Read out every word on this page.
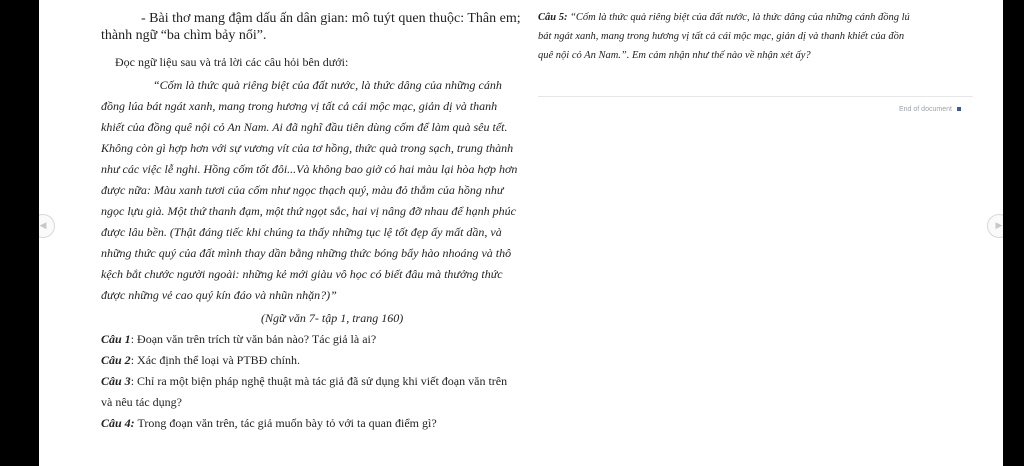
◀	▶
- Bài thơ mang đậm dấu ấn dân gian: mô tuýt quen thuộc: Thân em;
thành ngữ “ba chìm bảy nổi”.
Đọc ngữ liệu sau và trả lời các câu hỏi bên dưới:
“Cốm là thức quà riêng biệt của đất nước, là thức dâng của những cánh
đồng lúa bát ngát xanh, mang trong hương vị tất cả cái mộc mạc, giản dị và thanh
khiết của đồng quê nội cỏ An Nam. Ai đã nghĩ đầu tiên dùng cốm để làm quà sêu tết.
Không còn gì hợp hơn với sự vương vít của tơ hồng, thức quà trong sạch, trung thành
như các việc lễ nghi. Hồng cốm tốt đôi...Và không bao giờ có hai màu lại hòa hợp hơn
được nữa: Màu xanh tươi của cốm như ngọc thạch quý, màu đỏ thắm của hồng như
ngọc lựu già. Một thứ thanh đạm, một thứ ngọt sắc, hai vị nâng đỡ nhau để hạnh phúc
được lâu bền. (Thật đáng tiếc khi chúng ta thấy những tục lệ tốt đẹp ấy mất dần, và
những thức quý của đất mình thay dần bằng những thức bóng bẩy hào nhoáng và thô
kệch bắt chước người ngoài: những kẻ mới giàu vô học có biết đâu mà thưởng thức
được những vẻ cao quý kín đáo và nhũn nhặn?)”
(Ngữ văn 7- tập 1, trang 160)
Câu 1: Đoạn văn trên trích từ văn bản nào? Tác giả là ai?
Câu 2: Xác định thể loại và PTBĐ chính.
Câu 3: Chỉ ra một biện pháp nghệ thuật mà tác giả đã sử dụng khi viết đoạn văn trên
và nêu tác dụng?
Câu 4: Trong đoạn văn trên, tác giả muốn bày tỏ với ta quan điểm gì?
Câu 5: “Cốm là thức quà riêng biệt của đất nước, là thức dâng của những cánh đồng lú
bát ngát xanh, mang trong hương vị tất cả cái mộc mạc, giản dị và thanh khiết của đồn
quê nội cỏ An Nam.”. Em cảm nhận như thế nào về nhận xét ấy?
End of document
